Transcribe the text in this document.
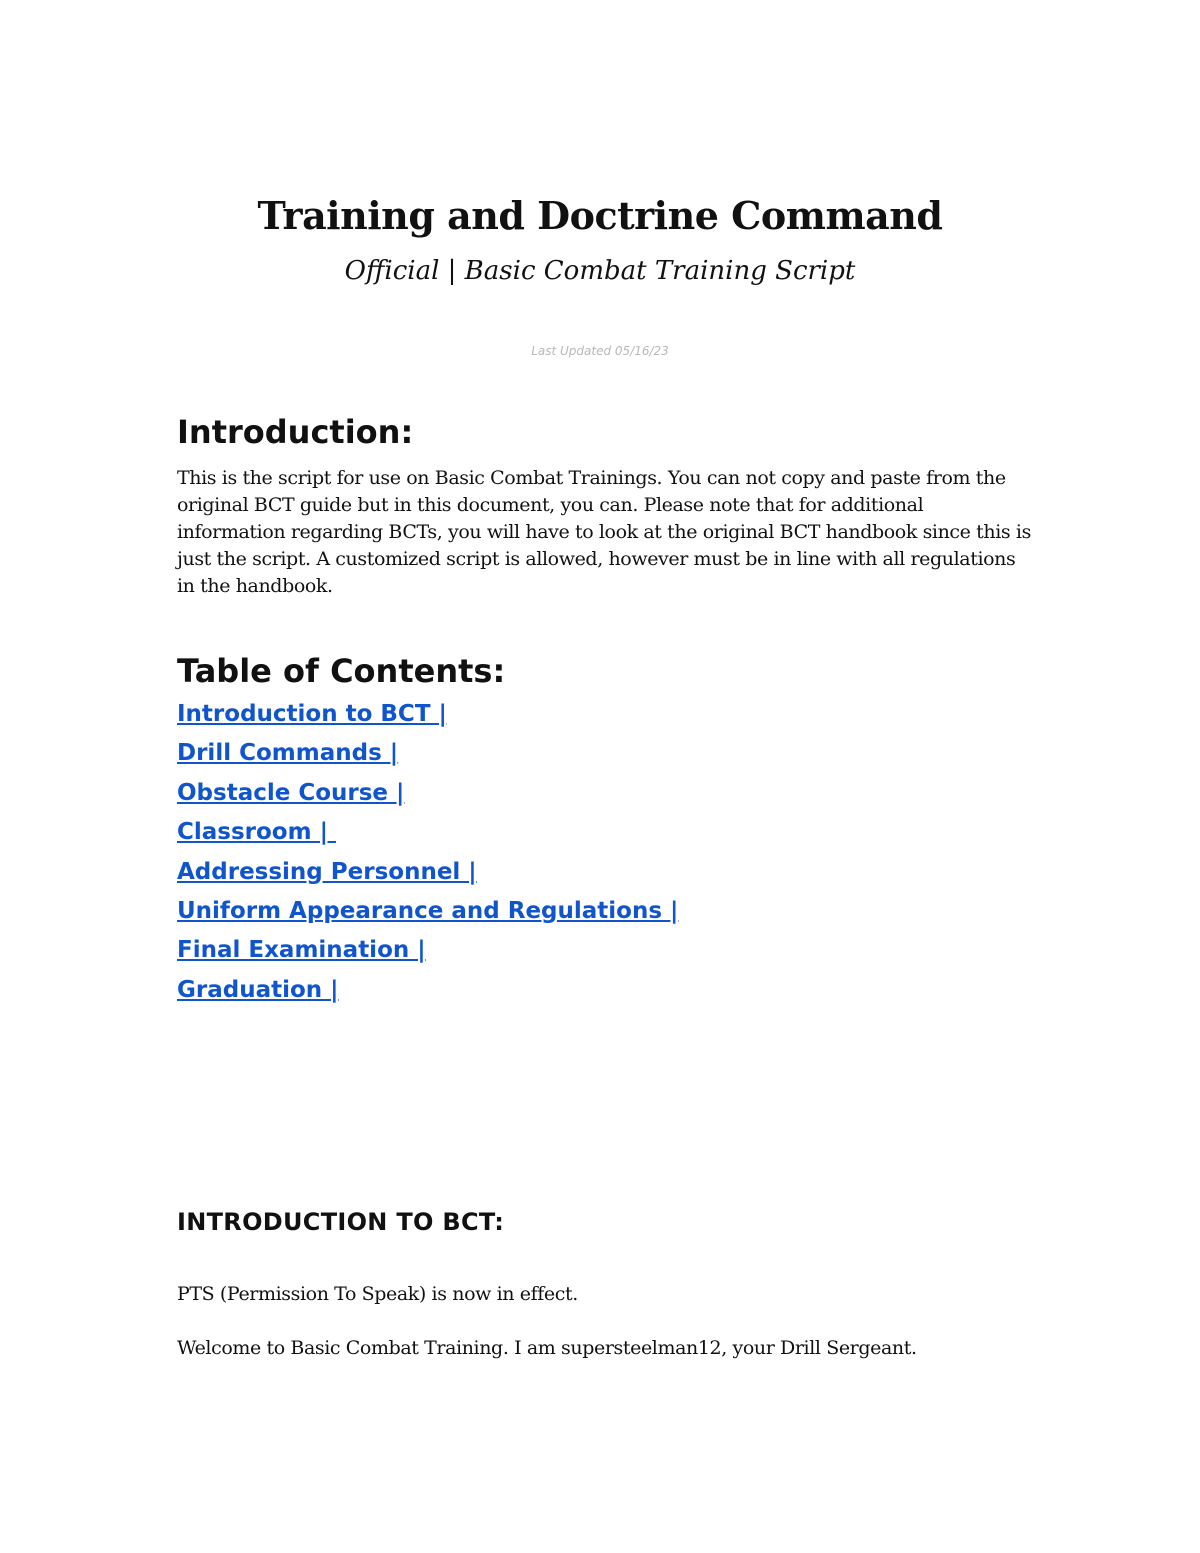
Training and Doctrine Command

Official | Basic Combat Training Script

Last Updated 05/16/23

Introduction:

This is the script for use on Basic Combat Trainings. You can not copy and paste from the original BCT guide but in this document, you can. Please note that for additional information regarding BCTs, you will have to look at the original BCT handbook since this is just the script. A customized script is allowed, however must be in line with all regulations in the handbook.

Table of Contents:
Introduction to BCT |
Drill Commands |
Obstacle Course |
Classroom |
Addressing Personnel |
Uniform Appearance and Regulations |
Final Examination |
Graduation |
INTRODUCTION TO BCT:

PTS (Permission To Speak) is now in effect.

Welcome to Basic Combat Training. I am supersteelman12, your Drill Sergeant.
